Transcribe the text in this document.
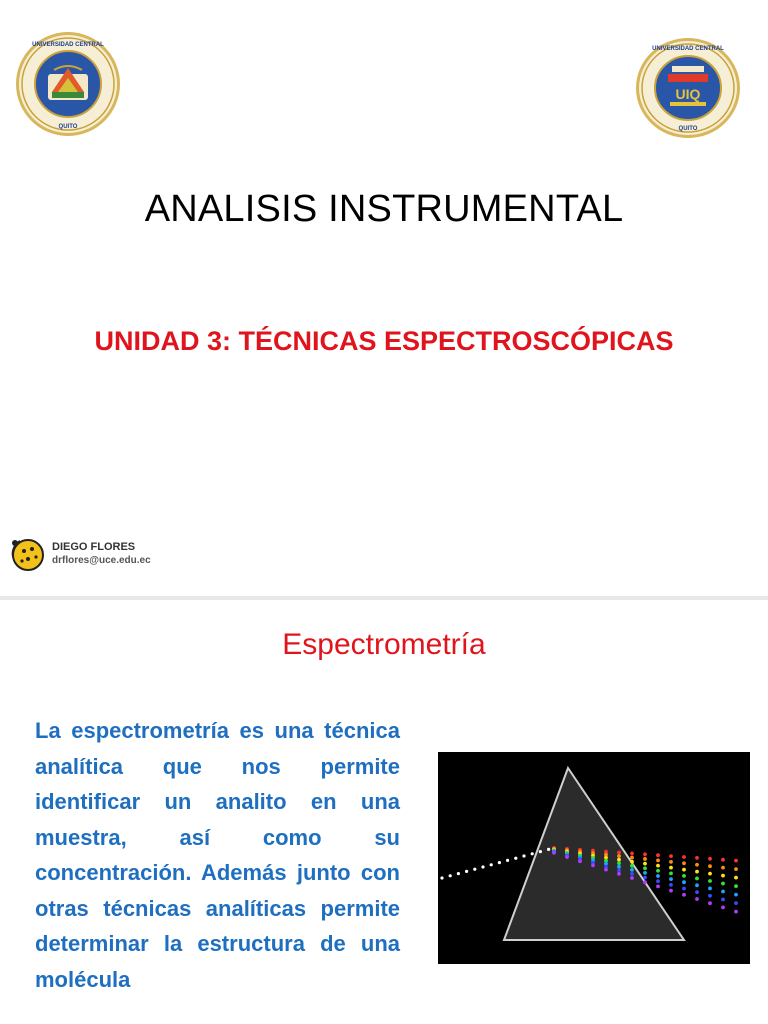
QUITO
UNIVERSIDAD CENTRAL
UIQ
QUITO
UNIVERSIDAD CENTRAL
ANALISIS INSTRUMENTAL
UNIDAD 3: TÉCNICAS ESPECTROSCÓPICAS
DIEGO FLORES
drflores@uce.edu.ec
Espectrometría
La espectrometría es una técnica analítica que nos permite identificar un analito en una muestra, así como su concentración. Además junto con otras técnicas analíticas permite determinar la estructura de una molécula
